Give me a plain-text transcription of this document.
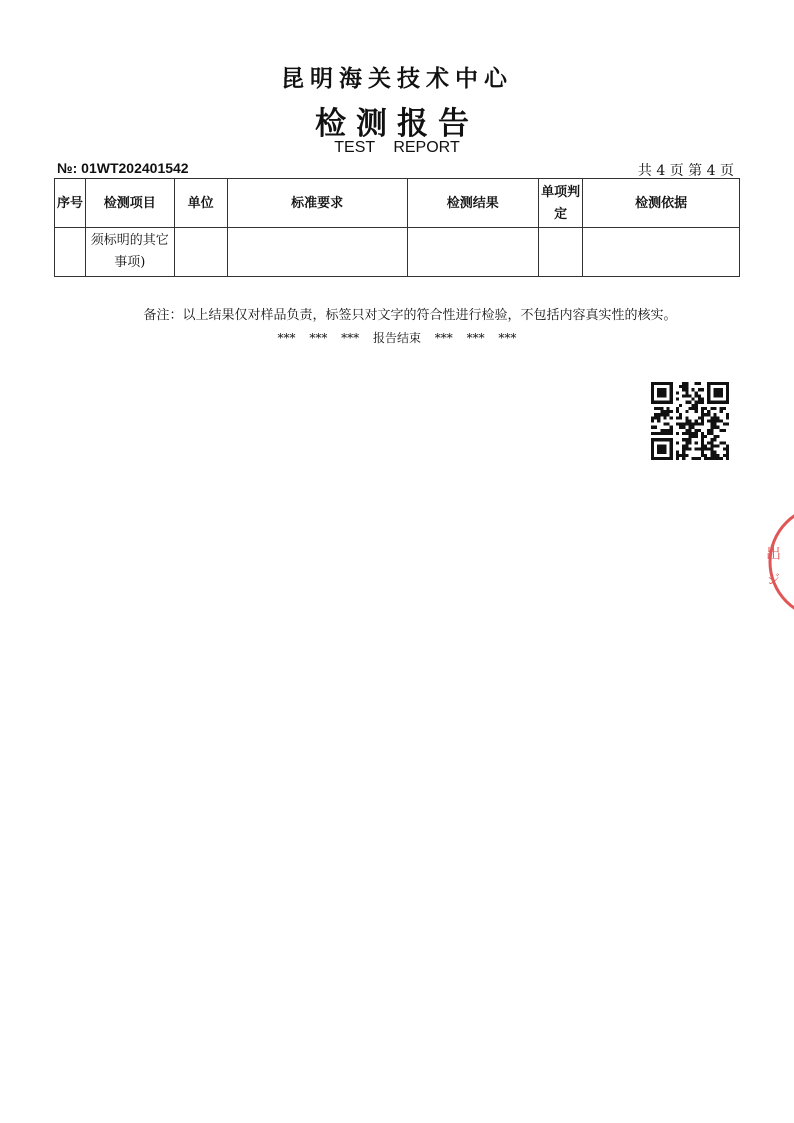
昆明海关技术中心
检测报告
TEST REPORT
№: 01WT202401542	共 4 页 第 4 页
序号	检测项目	单位	标准要求	检测结果	单项判定	检测依据
	须标明的其它事项)					
备注：以上结果仅对样品负责，标签只对文字的符合性进行检验，不包括内容真实性的核实。
*** *** *** 报告结束 *** *** ***
出
ジ
